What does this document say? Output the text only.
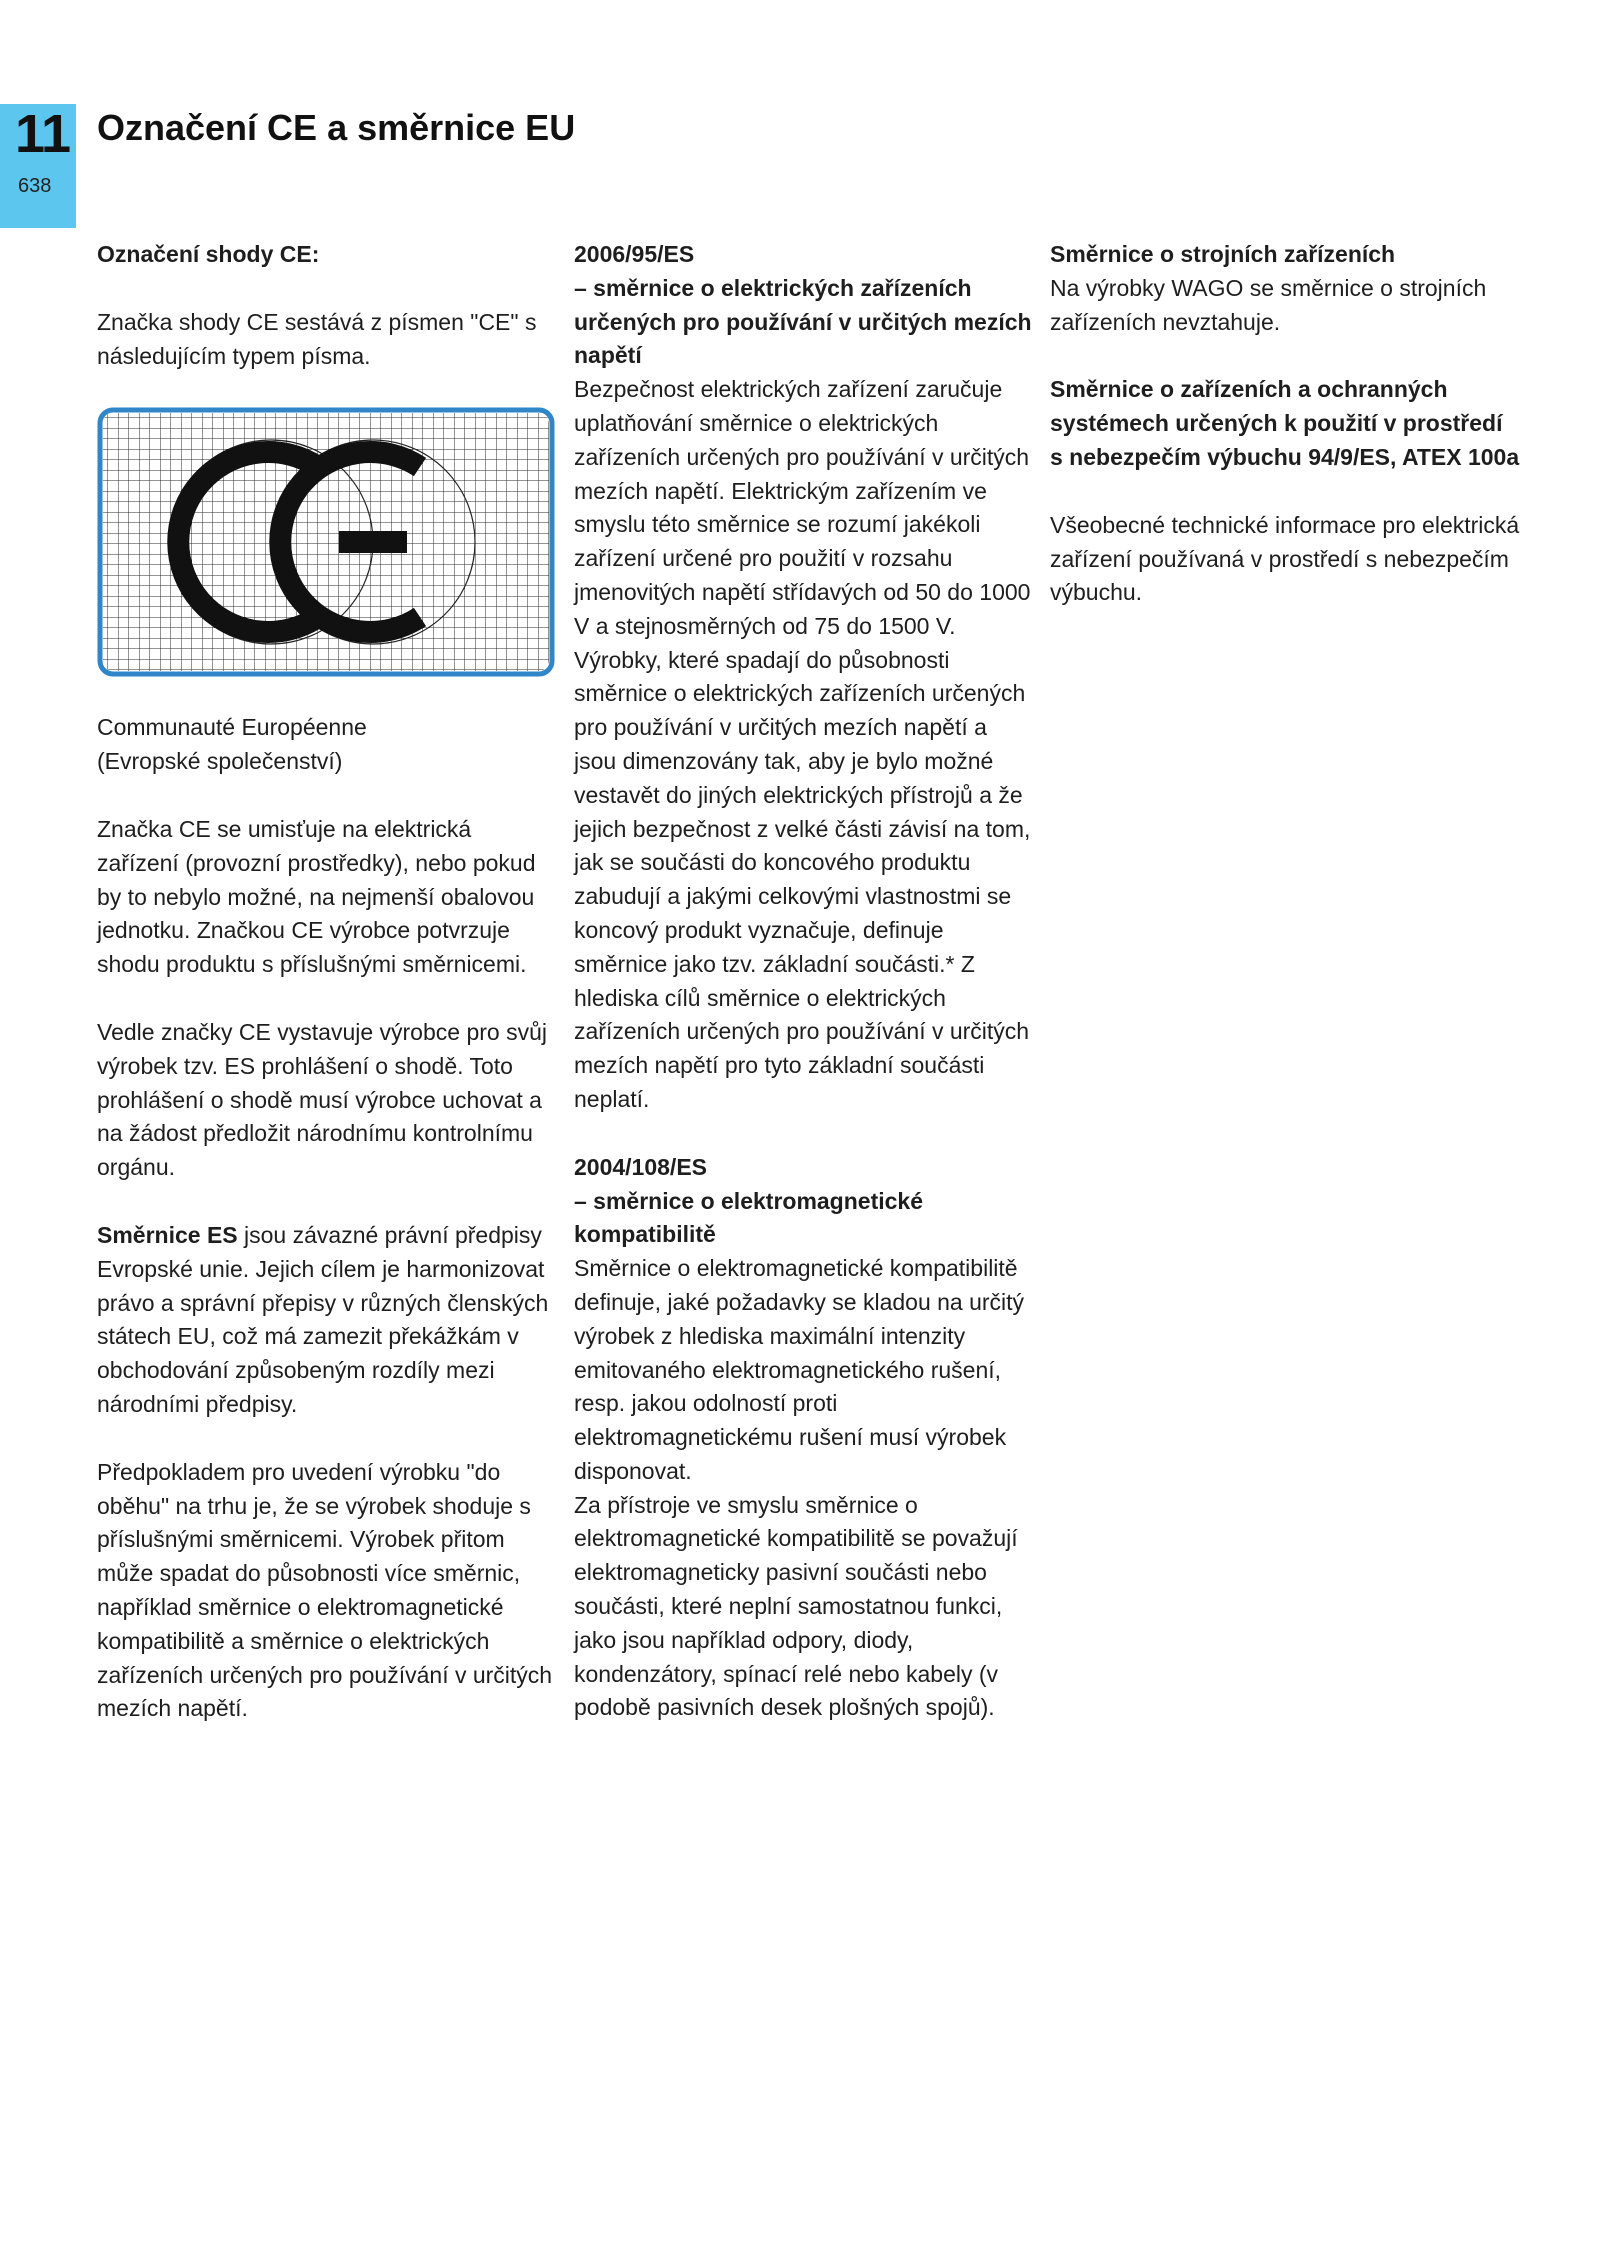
11
638
Označení CE a směrnice EU

Označení shody CE:

Značka shody CE sestává z písmen "CE" s následujícím typem písma.

Communauté Européenne

(Evropské společenství)

Značka CE se umisťuje na elektrická zařízení (provozní prostředky), nebo pokud by to nebylo možné, na nejmenší obalovou jednotku. Značkou CE výrobce potvrzuje shodu produktu s příslušnými směrnicemi.

Vedle značky CE vystavuje výrobce pro svůj výrobek tzv. ES prohlášení o shodě. Toto prohlášení o shodě musí výrobce uchovat a na žádost předložit národnímu kontrolnímu orgánu.

Směrnice ES jsou závazné právní předpisy Evropské unie. Jejich cílem je harmonizovat právo a správní přepisy v různých členských státech EU, což má zamezit překážkám v obchodování způsobeným rozdíly mezi národními předpisy.

Předpokladem pro uvedení výrobku "do oběhu" na trhu je, že se výrobek shoduje s příslušnými směrnicemi. Výrobek přitom může spadat do působnosti více směrnic, například směrnice o elektromagnetické kompatibilitě a směrnice o elektrických zařízeních určených pro používání v určitých mezích napětí.

2006/95/ES

– směrnice o elektrických zařízeních určených pro používání v určitých mezích napětí

Bezpečnost elektrických zařízení zaručuje uplatňování směrnice o elektrických zařízeních určených pro používání v určitých mezích napětí. Elektrickým zařízením ve smyslu této směrnice se rozumí jakékoli zařízení určené pro použití v rozsahu jmenovitých napětí střídavých od 50 do 1000 V a stejnosměrných od 75 do 1500 V. Výrobky, které spadají do působnosti směrnice o elektrických zařízeních určených pro používání v určitých mezích napětí a jsou dimenzovány tak, aby je bylo možné vestavět do jiných elektrických přístrojů a že jejich bezpečnost z velké části závisí na tom, jak se součásti do koncového produktu zabudují a jakými celkovými vlastnostmi se koncový produkt vyznačuje, definuje směrnice jako tzv. základní součásti.* Z hlediska cílů směrnice o elektrických zařízeních určených pro používání v určitých mezích napětí pro tyto základní součásti neplatí.

2004/108/ES

– směrnice o elektromagnetické kompatibilitě

Směrnice o elektromagnetické kompatibilitě definuje, jaké požadavky se kladou na určitý výrobek z hlediska maximální intenzity emitovaného elektromagnetického rušení, resp. jakou odolností proti elektromagnetickému rušení musí výrobek disponovat.

Za přístroje ve smyslu směrnice o elektromagnetické kompatibilitě se považují elektromagneticky pasivní součásti nebo součásti, které neplní samostatnou funkci, jako jsou například odpory, diody, kondenzátory, spínací relé nebo kabely (v podobě pasivních desek plošných spojů).

Směrnice o strojních zařízeních

Na výrobky WAGO se směrnice o strojních zařízeních nevztahuje.

Směrnice o zařízeních a ochranných systémech určených k použití v prostředí s nebezpečím výbuchu 94/9/ES, ATEX 100a

Všeobecné technické informace pro elektrická zařízení používaná v prostředí s nebezpečím výbuchu.
